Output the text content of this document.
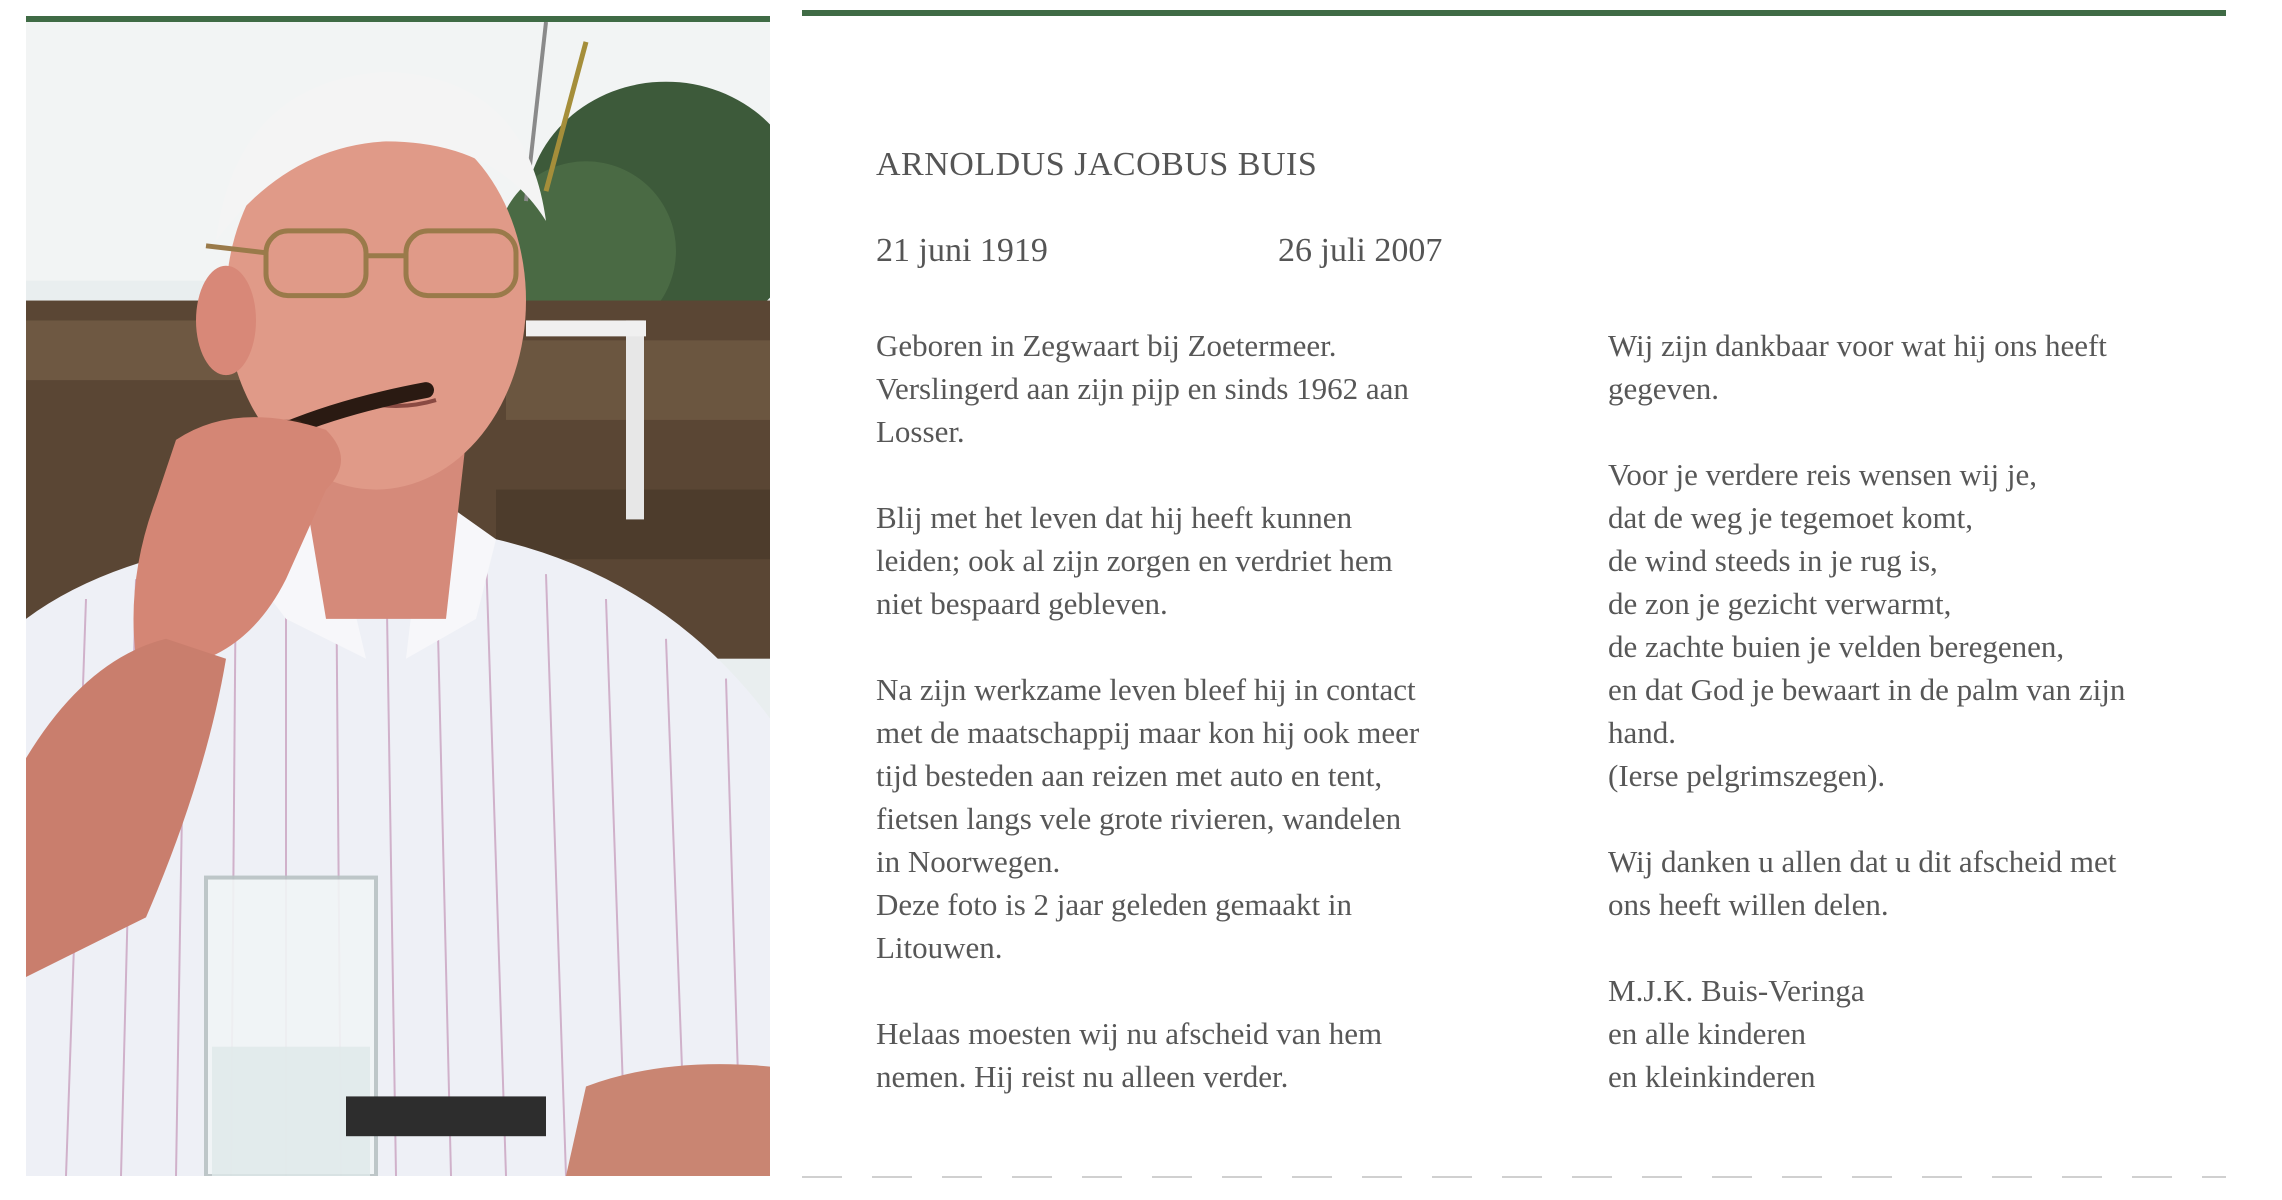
ARNOLDUS JACOBUS BUIS
21 juni 1919	26 juli 2007

Geboren in Zegwaart bij Zoetermeer.
Verslingerd aan zijn pijp en sinds 1962 aan
Losser.

Blij met het leven dat hij heeft kunnen
leiden; ook al zijn zorgen en verdriet hem
niet bespaard gebleven.

Na zijn werkzame leven bleef hij in contact
met de maatschappij maar kon hij ook meer
tijd besteden aan reizen met auto en tent,
fietsen langs vele grote rivieren, wandelen
in Noorwegen.
Deze foto is 2 jaar geleden gemaakt in
Litouwen.

Helaas moesten wij nu afscheid van hem
nemen. Hij reist nu alleen verder.

Wij zijn dankbaar voor wat hij ons heeft
gegeven.

Voor je verdere reis wensen wij je,
dat de weg je tegemoet komt,
de wind steeds in je rug is,
de zon je gezicht verwarmt,
de zachte buien je velden beregenen,
en dat God je bewaart in de palm van zijn
hand.
(Ierse pelgrimszegen).

Wij danken u allen dat u dit afscheid met
ons heeft willen delen.

M.J.K. Buis-Veringa
en alle kinderen
en kleinkinderen
